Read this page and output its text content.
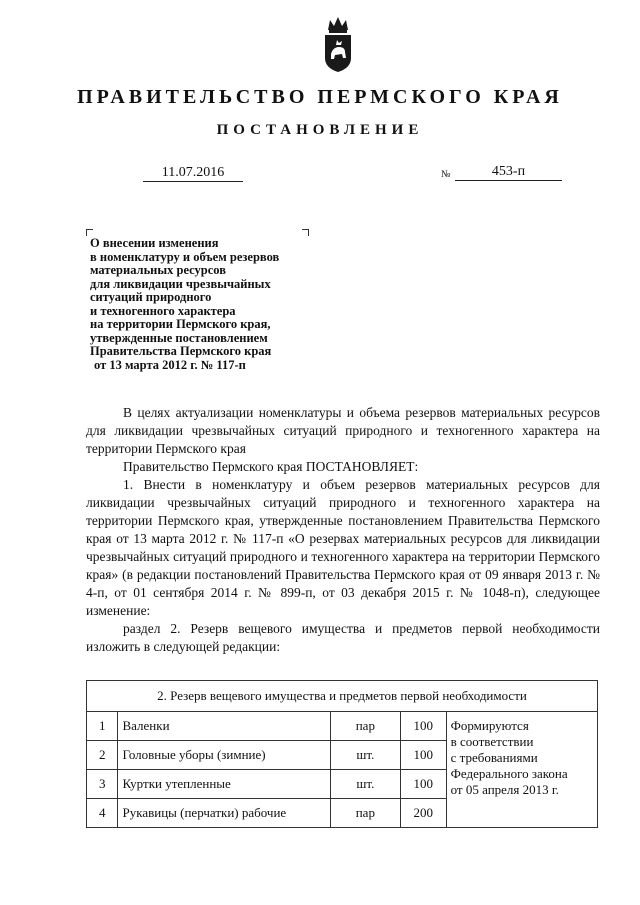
ПРАВИТЕЛЬСТВО ПЕРМСКОГО КРАЯ
ПОСТАНОВЛЕНИЕ
11.07.2016	№	453-п
О внесении изменения
в номенклатуру и объем резервов
материальных ресурсов
для ликвидации чрезвычайных
ситуаций природного
и техногенного характера
на территории Пермского края,
утвержденные постановлением
Правительства Пермского края
от 13 марта 2012 г. № 117-п

В целях актуализации номенклатуры и объема резервов материальных ресурсов для ликвидации чрезвычайных ситуаций природного и техногенного характера на территории Пермского края

Правительство Пермского края ПОСТАНОВЛЯЕТ:

1. Внести в номенклатуру и объем резервов материальных ресурсов для ликвидации чрезвычайных ситуаций природного и техногенного характера на территории Пермского края, утвержденные постановлением Правительства Пермского края от 13 марта 2012 г. № 117-п «О резервах материальных ресурсов для ликвидации чрезвычайных ситуаций природного и техногенного характера на территории Пермского края» (в редакции постановлений Правительства Пермского края от 09 января 2013 г. № 4-п, от 01 сентября 2014 г. № 899-п, от 03 декабря 2015 г. № 1048-п), следующее изменение:

раздел 2. Резерв вещевого имущества и предметов первой необходимости изложить в следующей редакции:

2. Резерв вещевого имущества и предметов первой необходимости				
1	Валенки	пар	100	Формируются
в соответствии
с требованиями
Федерального закона
от 05 апреля 2013 г.

2	Головные уборы (зимние)	шт.	100	
3	Куртки утепленные	шт.	100	
4	Рукавицы (перчатки) рабочие	пар	200	
